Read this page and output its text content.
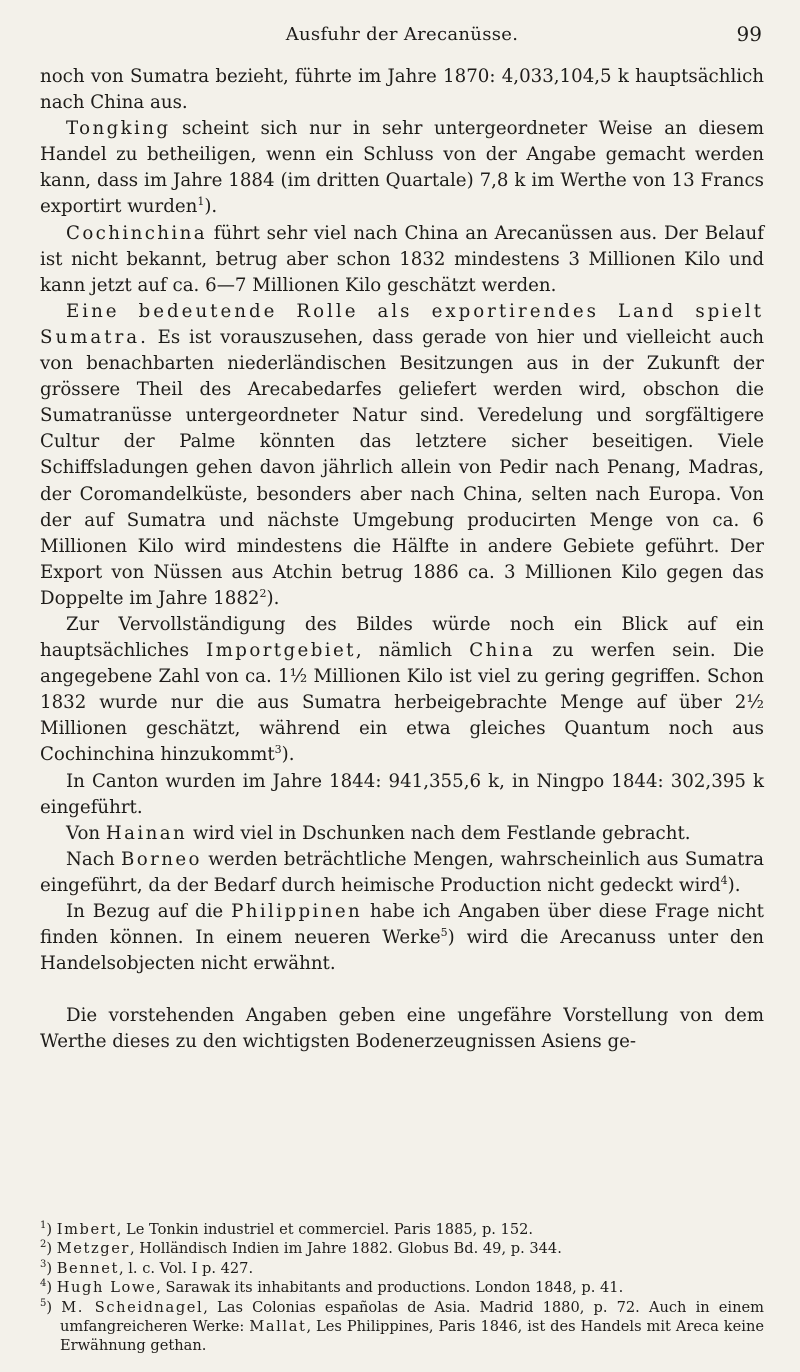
Ausfuhr der Arecanüsse.	99

noch von Sumatra bezieht, führte im Jahre 1870: 4,033,104,5 k hauptsächlich nach China aus.

Tongking scheint sich nur in sehr untergeordneter Weise an diesem Handel zu betheiligen, wenn ein Schluss von der Angabe gemacht werden kann, dass im Jahre 1884 (im dritten Quartale) 7,8 k im Werthe von 13 Francs exportirt wurden$^1$).

Cochinchina führt sehr viel nach China an Arecanüssen aus. Der Belauf ist nicht bekannt, betrug aber schon 1832 mindestens 3 Millionen Kilo und kann jetzt auf ca. 6—7 Millionen Kilo geschätzt werden.

Eine bedeutende Rolle als exportirendes Land spielt Sumatra. Es ist vorauszusehen, dass gerade von hier und vielleicht auch von benachbarten niederländischen Besitzungen aus in der Zukunft der grössere Theil des Arecabedarfes geliefert werden wird, obschon die Sumatranüsse untergeordneter Natur sind. Veredelung und sorgfältigere Cultur der Palme könnten das letztere sicher beseitigen. Viele Schiffsladungen gehen davon jährlich allein von Pedir nach Penang, Madras, der Coromandelküste, besonders aber nach China, selten nach Europa. Von der auf Sumatra und nächste Umgebung producirten Menge von ca. 6 Millionen Kilo wird mindestens die Hälfte in andere Gebiete geführt. Der Export von Nüssen aus Atchin betrug 1886 ca. 3 Millionen Kilo gegen das Doppelte im Jahre 1882$^2$).

Zur Vervollständigung des Bildes würde noch ein Blick auf ein hauptsächliches Importgebiet, nämlich China zu werfen sein. Die angegebene Zahl von ca. 1½ Millionen Kilo ist viel zu gering gegriffen. Schon 1832 wurde nur die aus Sumatra herbeigebrachte Menge auf über 2½ Millionen geschätzt, während ein etwa gleiches Quantum noch aus Cochinchina hinzukommt$^3$).

In Canton wurden im Jahre 1844: 941,355,6 k, in Ningpo 1844: 302,395 k eingeführt.

Von Hainan wird viel in Dschunken nach dem Festlande gebracht.

Nach Borneo werden beträchtliche Mengen, wahrscheinlich aus Sumatra eingeführt, da der Bedarf durch heimische Production nicht gedeckt wird$^4$).

In Bezug auf die Philippinen habe ich Angaben über diese Frage nicht finden können. In einem neueren Werke$^5$) wird die Arecanuss unter den Handelsobjecten nicht erwähnt.

Die vorstehenden Angaben geben eine ungefähre Vorstellung von dem Werthe dieses zu den wichtigsten Bodenerzeugnissen Asiens ge-

$^1$) Imbert, Le Tonkin industriel et commerciel. Paris 1885, p. 152.

$^2$) Metzger, Holländisch Indien im Jahre 1882. Globus Bd. 49, p. 344.

$^3$) Bennet, l. c. Vol. I p. 427.

$^4$) Hugh Lowe, Sarawak its inhabitants and productions. London 1848, p. 41.

$^5$) M. Scheidnagel, Las Colonias españolas de Asia. Madrid 1880, p. 72. Auch in einem umfangreicheren Werke: Mallat, Les Philippines, Paris 1846, ist des Handels mit Areca keine Erwähnung gethan.
